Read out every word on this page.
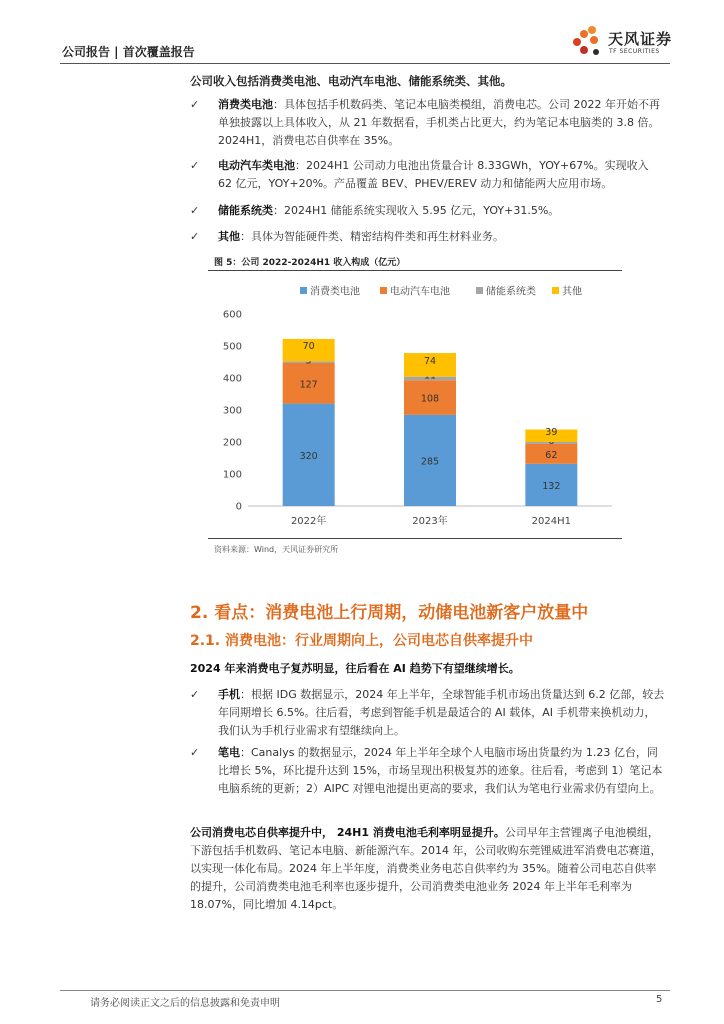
公司报告 | 首次覆盖报告
天风证券
TF SECURITIES
公司收入包括消费类电池、电动汽车电池、储能系统类、其他。
✓ 消费类电池：具体包括手机数码类、笔记本电脑类模组，消费电芯。公司 2022 年开始不再单独披露以上具体收入，从 21 年数据看，手机类占比更大，约为笔记本电脑类的 3.8 倍。2024H1，消费电芯自供率在 35%。
✓ 电动汽车类电池：2024H1 公司动力电池出货量合计 8.33GWh，YOY+67%。实现收入 62 亿元，YOY+20%。产品覆盖 BEV、PHEV/EREV 动力和储能两大应用市场。
✓ 储能系统类：2024H1 储能系统实现收入 5.95 亿元，YOY+31.5%。
✓ 其他：具体为智能硬件类、精密结构件类和再生材料业务。
图 5：公司 2022-2024H1 收入构成（亿元）
消费类电池	电动汽车电池	储能系统类	其他
0
100
200
300
400
500
600
320
127
70
2022年
285
108
74
2023年
132
62
39
2024H1
资料来源：Wind，天风证券研究所
2. 看点：消费电池上行周期，动储电池新客户放量中
2.1. 消费电池：行业周期向上，公司电芯自供率提升中
2024 年来消费电子复苏明显，往后看在 AI 趋势下有望继续增长。
✓ 手机：根据 IDG 数据显示，2024 年上半年，全球智能手机市场出货量达到 6.2 亿部，较去年同期增长 6.5%。往后看，考虑到智能手机是最适合的 AI 载体，AI 手机带来换机动力，我们认为手机行业需求有望继续向上。
✓ 笔电：Canalys 的数据显示，2024 年上半年全球个人电脑市场出货量约为 1.23 亿台，同比增长 5%，环比提升达到 15%，市场呈现出积极复苏的迹象。往后看，考虑到 1）笔记本电脑系统的更新；2）AIPC 对锂电池提出更高的要求，我们认为笔电行业需求仍有望向上。
公司消费电芯自供率提升中， 24H1 消费电池毛利率明显提升。公司早年主营锂离子电池模组，下游包括手机数码、笔记本电脑、新能源汽车。2014 年，公司收购东莞锂威进军消费电芯赛道，以实现一体化布局。2024 年上半年度，消费类业务电芯自供率约为 35%。随着公司电芯自供率的提升，公司消费类电池毛利率也逐步提升，公司消费类电池业务 2024 年上半年毛利率为 18.07%，同比增加 4.14pct。
请务必阅读正文之后的信息披露和免责申明	5
